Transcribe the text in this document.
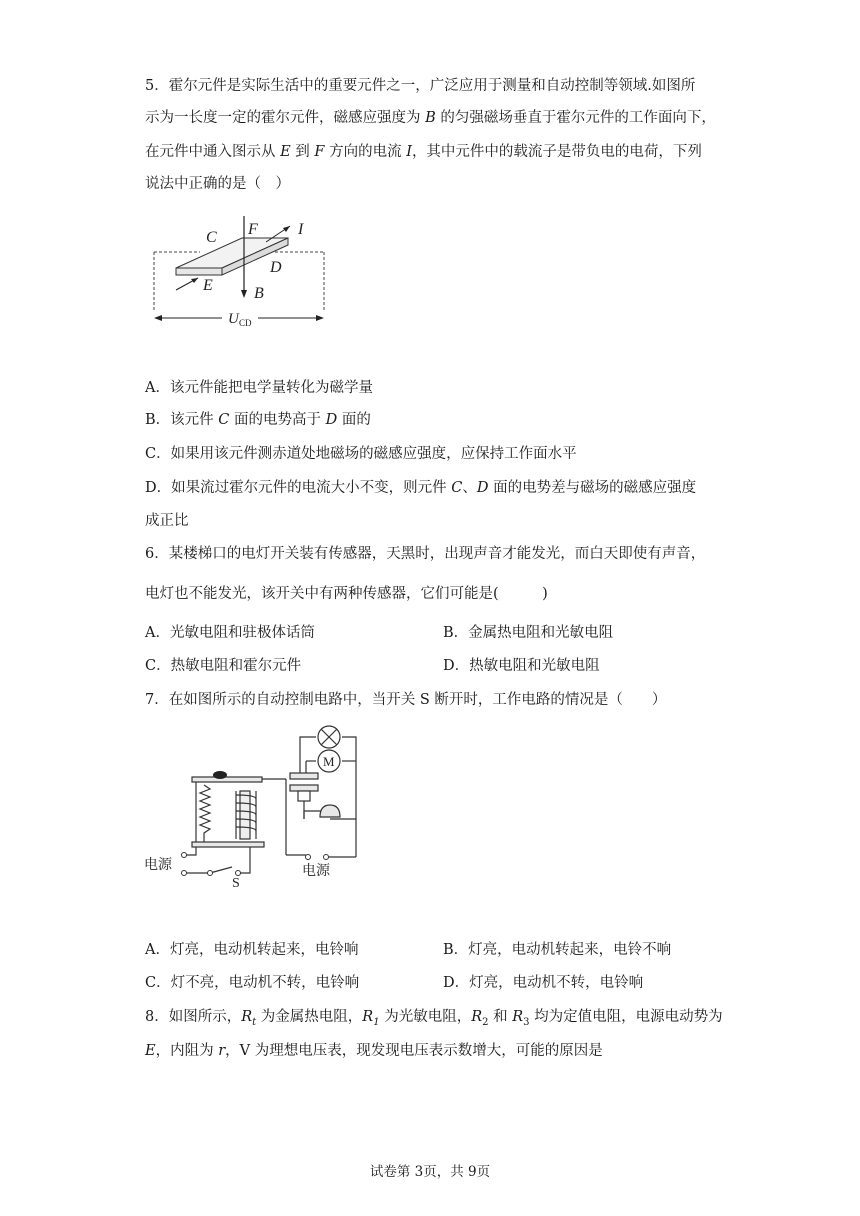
5．霍尔元件是实际生活中的重要元件之一，广泛应用于测量和自动控制等领域.如图所
示为一长度一定的霍尔元件，磁感应强度为 B 的匀强磁场垂直于霍尔元件的工作面向下，
在元件中通入图示从 E 到 F 方向的电流 I，其中元件中的载流子是带负电的电荷，下列
说法中正确的是（　）
C F	I
D
E	B
U CD
A．该元件能把电学量转化为磁学量
B．该元件 C 面的电势高于 D 面的
C．如果用该元件测赤道处地磁场的磁感应强度，应保持工作面水平
D．如果流过霍尔元件的电流大小不变，则元件 C、D 面的电势差与磁场的磁感应强度
成正比
6．某楼梯口的电灯开关装有传感器，天黑时，出现声音才能发光，而白天即使有声音，
电灯也不能发光，该开关中有两种传感器，它们可能是(　　　)
A．光敏电阻和驻极体话筒	B．金属热电阻和光敏电阻
C．热敏电阻和霍尔元件	D．热敏电阻和光敏电阻
7．在如图所示的自动控制电路中，当开关 S 断开时，工作电路的情况是（　　）
M
电源
S
电源
A．灯亮，电动机转起来，电铃响	B．灯亮，电动机转起来，电铃不响
C．灯不亮，电动机不转，电铃响	D．灯亮，电动机不转，电铃响
8．如图所示，$R_t$ 为金属热电阻，$R_1$ 为光敏电阻，$R_2$ 和 $R_3$ 均为定值电阻，电源电动势为
E，内阻为 r，V 为理想电压表，现发现电压表示数增大，可能的原因是
试卷第 3页，共 9页
